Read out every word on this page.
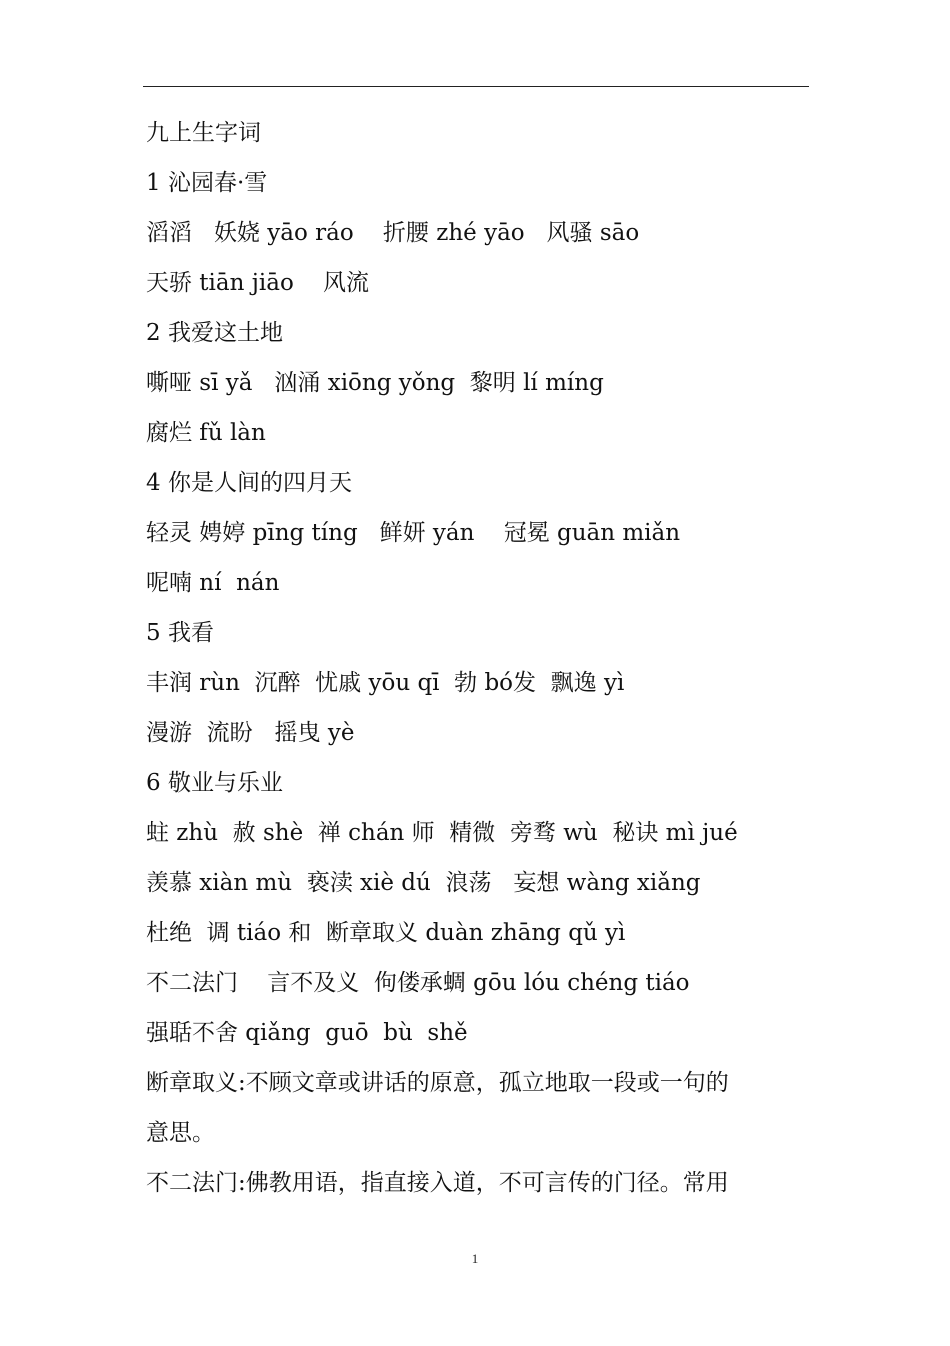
九上生字词
1 沁园春·雪
滔滔   妖娆 yāo ráo    折腰 zhé yāo   风骚 sāo
天骄 tiān jiāo    风流
2 我爱这土地
嘶哑 sī yǎ   汹涌 xiōng yǒng  黎明 lí míng
腐烂 fǔ làn
4 你是人间的四月天
轻灵 娉婷 pīng tíng   鲜妍 yán    冠冕 guān miǎn
呢喃 ní  nán
5 我看
丰润 rùn  沉醉  忧戚 yōu qī  勃 bó发  飘逸 yì
漫游  流盼   摇曳 yè
6 敬业与乐业
蛀 zhù  赦 shè  禅 chán 师  精微  旁骛 wù  秘诀 mì jué
羡慕 xiàn mù  亵渎 xiè dú  浪荡   妄想 wàng xiǎng
杜绝  调 tiáo 和  断章取义 duàn zhāng qǔ yì
不二法门    言不及义  佝偻承蜩 gōu lóu chéng tiáo
强聒不舍 qiǎng  guō  bù  shě
断章取义:不顾文章或讲话的原意，孤立地取一段或一句的
意思。
不二法门:佛教用语，指直接入道，不可言传的门径。常用
1
